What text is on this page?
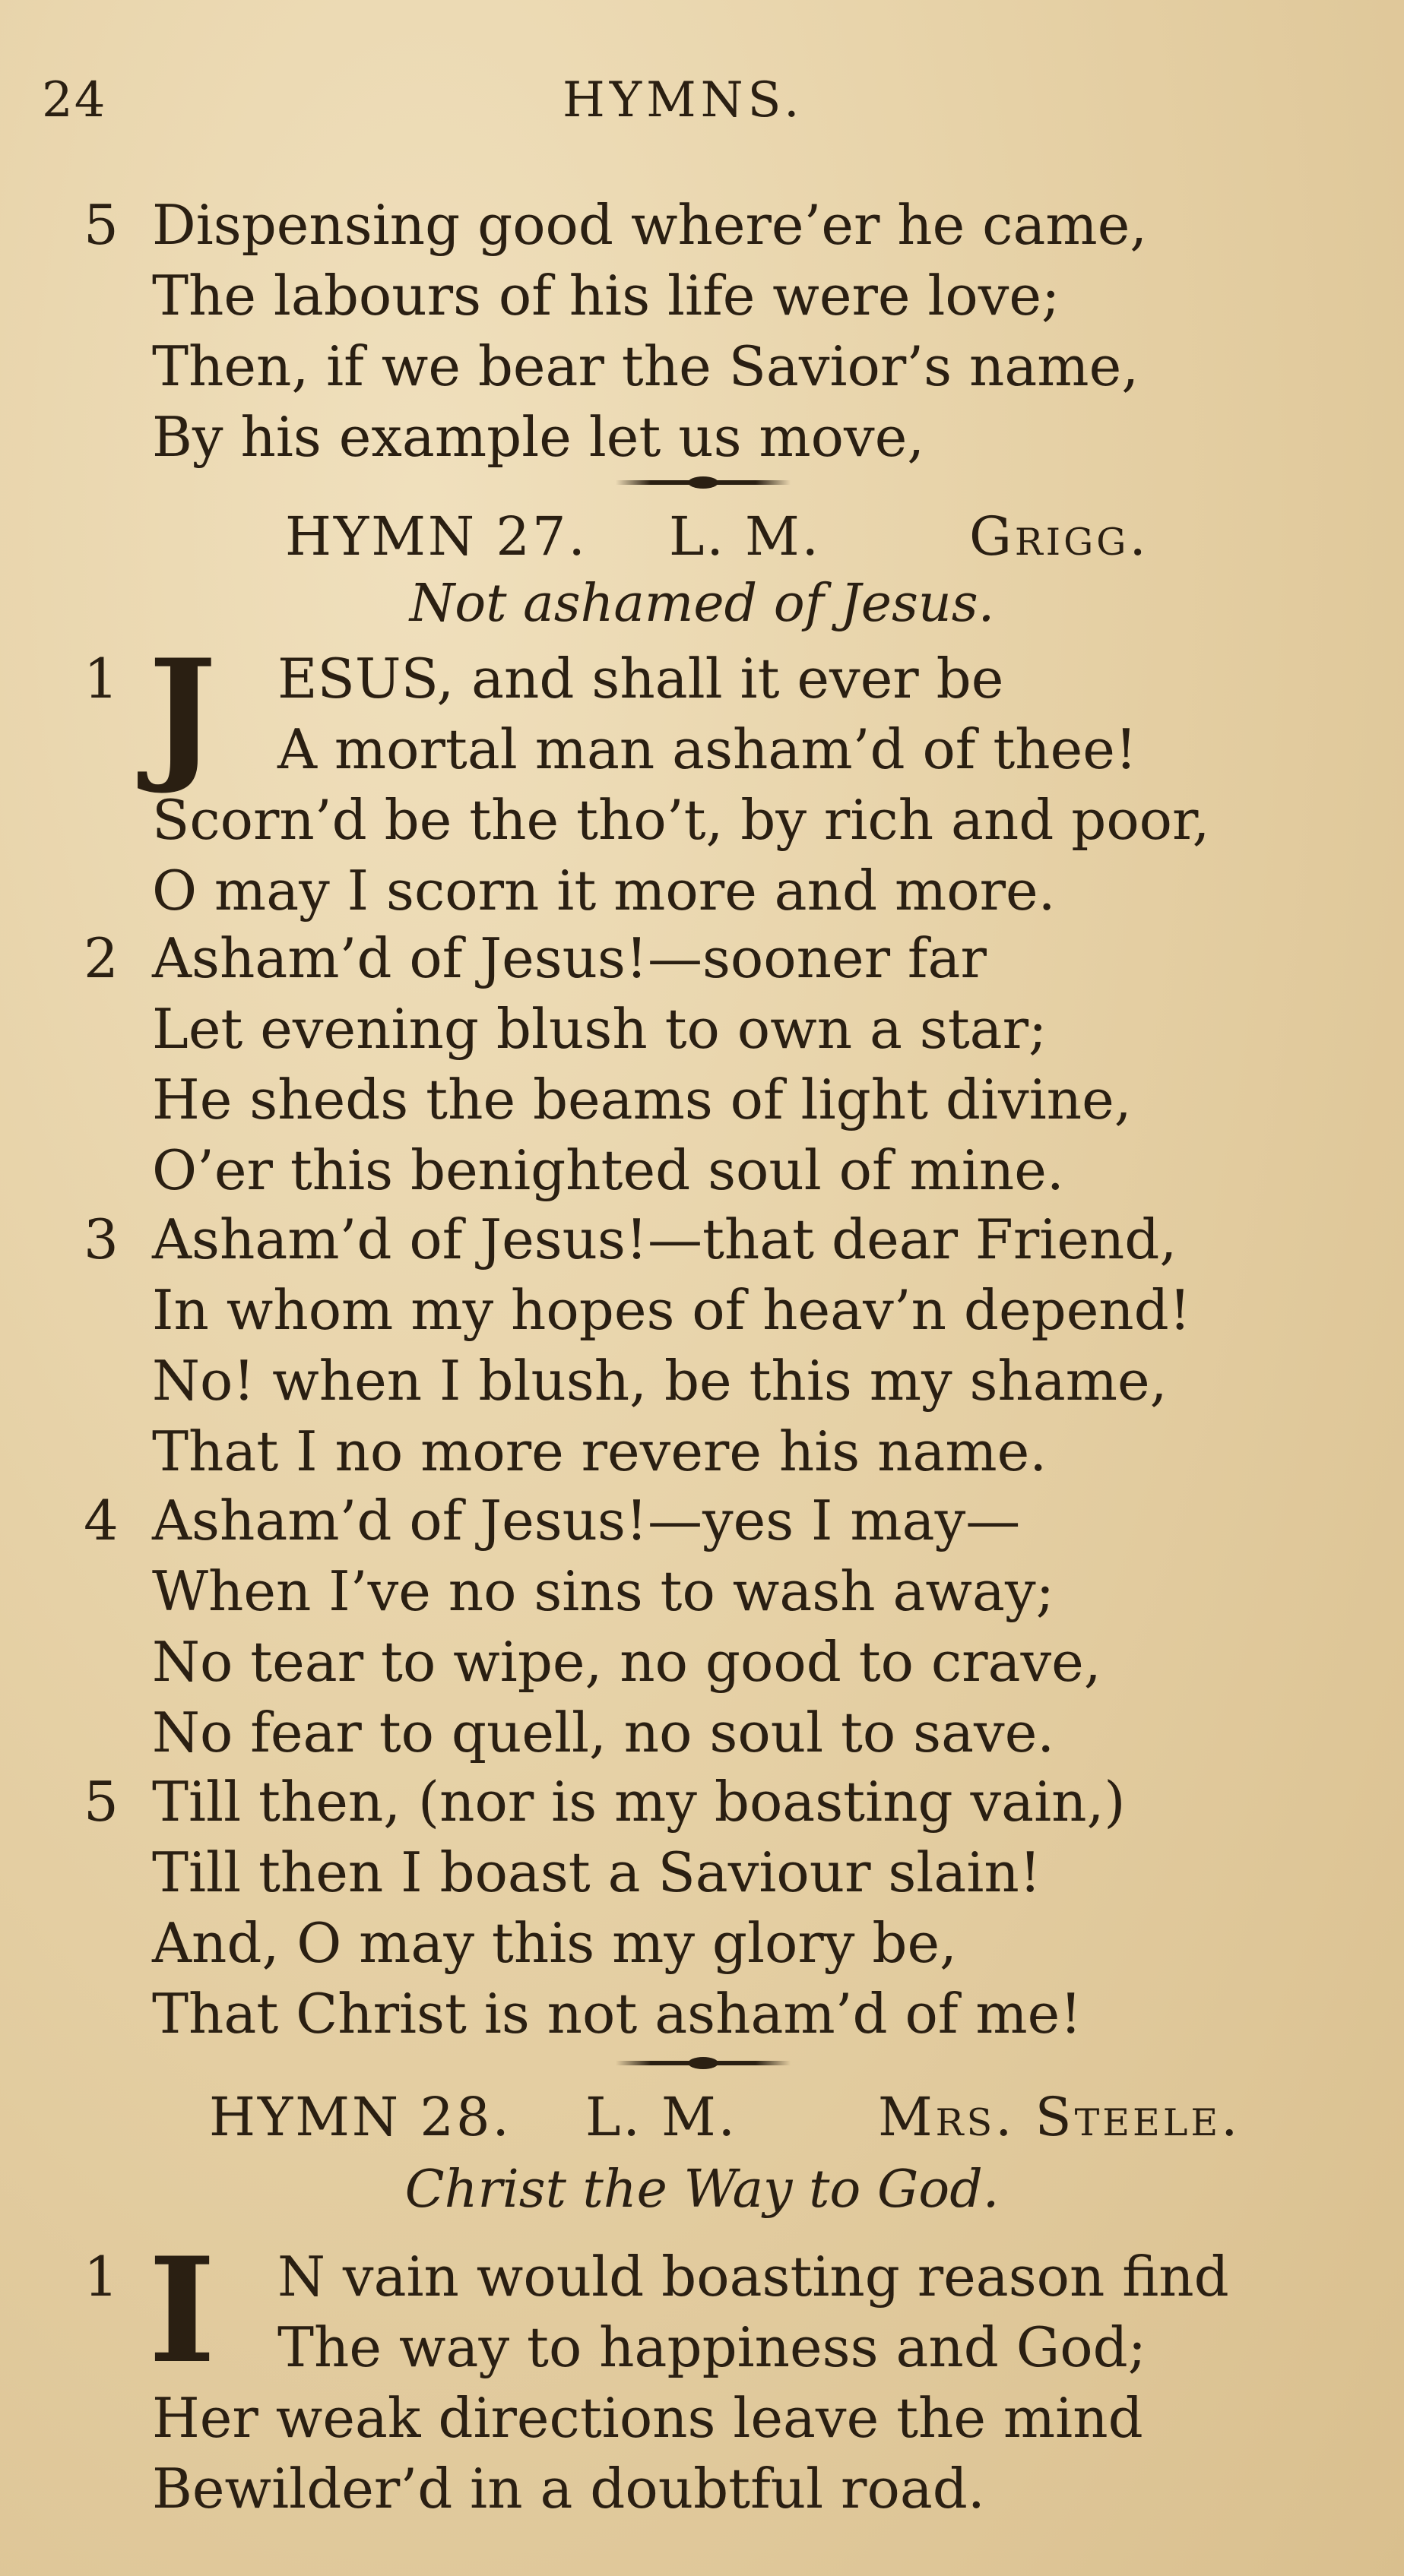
24	HYMNS.
5 Dispensing good where’er he came,
The labours of his life were love;
Then, if we bear the Savior’s name,
By his example let us move,
HYMN 27. L. M.	Grigg.
Not ashamed of Jesus.
1 J	ESUS, and shall it ever be
A mortal man asham’d of thee!
Scorn’d be the tho’t, by rich and poor,
O may I scorn it more and more.
2 Asham’d of Jesus!—sooner far
Let evening blush to own a star;
He sheds the beams of light divine,
O’er this benighted soul of mine.
3 Asham’d of Jesus!—that dear Friend,
In whom my hopes of heav’n depend!
No! when I blush, be this my shame,
That I no more revere his name.
4 Asham’d of Jesus!—yes I may—
When I’ve no sins to wash away;
No tear to wipe, no good to crave,
No fear to quell, no soul to save.
5 Till then, (nor is my boasting vain,)
Till then I boast a Saviour slain!
And, O may this my glory be,
That Christ is not asham’d of me!
HYMN 28. L. M.	Mrs. Steele.
Christ the Way to God.
1 I	N vain would boasting reason find
The way to happiness and God;
Her weak directions leave the mind
Bewilder’d in a doubtful road.
